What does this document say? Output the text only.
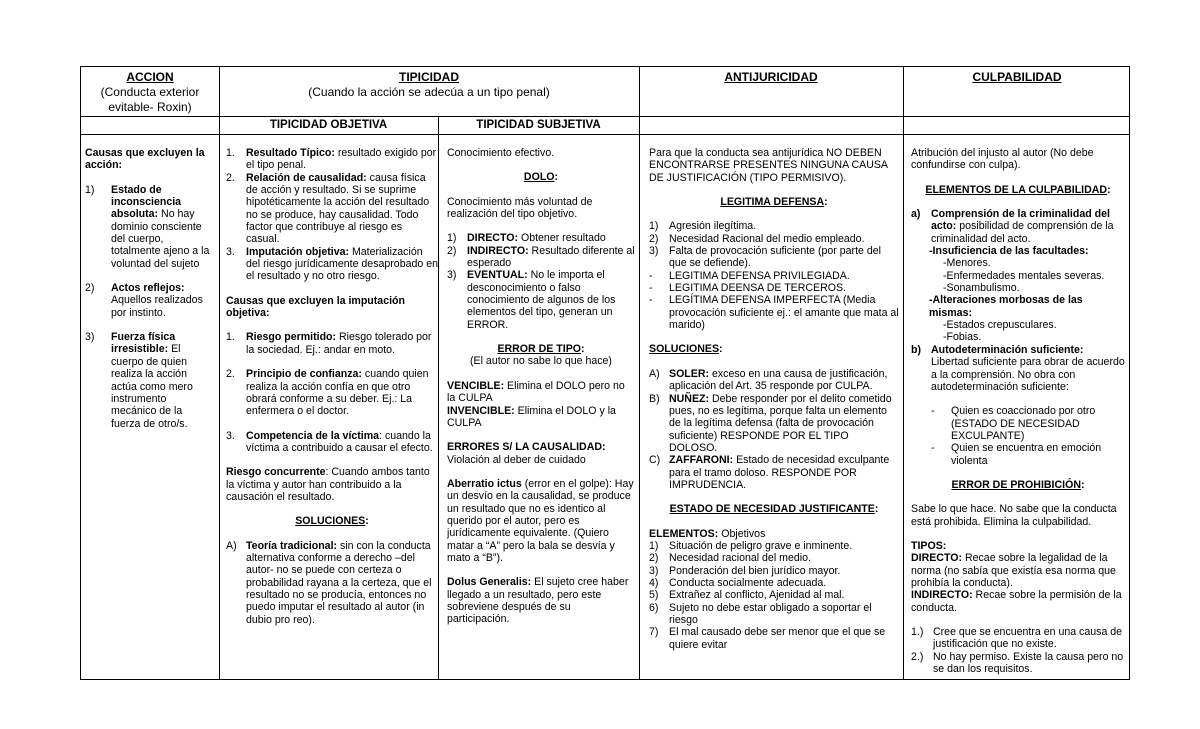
ACCION
(Conducta exterior
evitable- Roxin)
TIPICIDAD
(Cuando la acción se adecúa a un tipo penal)
ANTIJURICIDAD	CULPABILIDAD
TIPICIDAD OBJETIVA	TIPICIDAD SUBJETIVA

Causas que excluyen la acción:

1) Estado de inconsciencia absoluta: No hay dominio consciente del cuerpo, totalmente ajeno a la voluntad del sujeto
2) Actos reflejos: Aquellos realizados por instinto.
3) Fuerza física irresistible: El cuerpo de quien realiza la acción actúa como mero instrumento mecánico de la fuerza de otro/s.
1. Resultado Típico: resultado exigido por el tipo penal.
2. Relación de causalidad: causa física de acción y resultado. Si se suprime hipotéticamente la acción del resultado no se produce, hay causalidad. Todo factor que contribuye al riesgo es casual.
3. Imputación objetiva: Materialización del riesgo jurídicamente desaprobado en el resultado y no otro riesgo.

Causas que excluyen la imputación objetiva:

1. Riesgo permitido: Riesgo tolerado por la sociedad. Ej.: andar en moto.
2. Principio de confianza: cuando quien realiza la acción confía en que otro obrará conforme a su deber. Ej.: La enfermera o el doctor.
3. Competencia de la víctima: cuando la víctima a contribuido a causar el efecto.

Riesgo concurrente: Cuando ambos tanto la víctima y autor han contribuido a la causación el resultado.

SOLUCIONES:

A) Teoría tradicional: sin con la conducta alternativa conforme a derecho –del autor- no se puede con certeza o probabilidad rayana a la certeza, que el resultado no se producía, entonces no puedo imputar el resultado al autor (in dubio pro reo).

Conocimiento efectivo.

DOLO:

Conocimiento más voluntad de realización del tipo objetivo.

1) DIRECTO: Obtener resultado
2) INDIRECTO: Resultado diferente al esperado
3) EVENTUAL: No le importa el desconocimiento o falso conocimiento de algunos de los elementos del tipo, generan un ERROR.

ERROR DE TIPO:

(El autor no sabe lo que hace)

VENCIBLE: Elimina el DOLO pero no la CULPA

INVENCIBLE: Elimina el DOLO y la CULPA

ERRORES S/ LA CAUSALIDAD:

Violación al deber de cuidado

Aberratio ictus (error en el golpe): Hay un desvío en la causalidad, se produce un resultado que no es identico al querido por el autor, pero es jurídicamente equivalente. (Quiero matar a “A” pero la bala se desvía y mato a “B”).

Dolus Generalis: El sujeto cree haber llegado a un resultado, pero este sobreviene después de su participación.

Para que la conducta sea antijurídica NO DEBEN ENCONTRARSE PRESENTES NINGUNA CAUSA DE JUSTIFICACIÓN (TIPO PERMISIVO).

LEGITIMA DEFENSA:

1) Agresión ilegítima.
2) Necesidad Racional del medio empleado.
3) Falta de provocación suficiente (por parte del que se defiende).
- LEGITIMA DEFENSA PRIVILEGIADA.
- LEGITIMA DEENSA DE TERCEROS.
- LEGÍTIMA DEFENSA IMPERFECTA (Media provocación suficiente ej.: el amante que mata al marido)

SOLUCIONES:

A) SOLER: exceso en una causa de justificación, aplicación del Art. 35 responde por CULPA.
B) NUÑEZ: Debe responder por el delito cometido pues, no es legítima, porque falta un elemento de la legítima defensa (falta de provocación suficiente) RESPONDE POR EL TIPO DOLOSO.
C) ZAFFARONI: Estado de necesidad exculpante para el tramo doloso. RESPONDE POR IMPRUDENCIA.

ESTADO DE NECESIDAD JUSTIFICANTE:

ELEMENTOS: Objetivos

1) Situación de peligro grave e inminente.
2) Necesidad racional del medio.
3) Ponderación del bien jurídico mayor.
4) Conducta socialmente adecuada.
5) Extrañez al conflicto, Ajenidad al mal.
6) Sujeto no debe estar obligado a soportar el riesgo
7) El mal causado debe ser menor que el que se quiere evitar

Atribución del injusto al autor (No debe confundirse con culpa).

ELEMENTOS DE LA CULPABILIDAD:

a) Comprensión de la criminalidad del acto: posibilidad de comprensión de la criminalidad del acto.

-Insuficiencia de las facultades:

-Menores.

-Enfermedades mentales severas.

-Sonambulismo.

-Alteraciones morbosas de las mismas:

-Estados crepusculares.

-Fobias.

b) Autodeterminación suficiente:
Libertad suficiente para obrar de acuerdo a la comprensión. No obra con autodeterminación suficiente:
- Quien es coaccionado por otro (ESTADO DE NECESIDAD EXCULPANTE)
- Quien se encuentra en emoción violenta

ERROR DE PROHIBICIÓN:

Sabe lo que hace. No sabe que la conducta está prohibida. Elimina la culpabilidad.

TIPOS:

DIRECTO: Recae sobre la legalidad de la norma (no sabía que existía esa norma que prohibía la conducta).

INDIRECTO: Recae sobre la permisión de la conducta.

1.) Cree que se encuentra en una causa de justificación que no existe.
2.) No hay permiso. Existe la causa pero no se dan los requisitos.
